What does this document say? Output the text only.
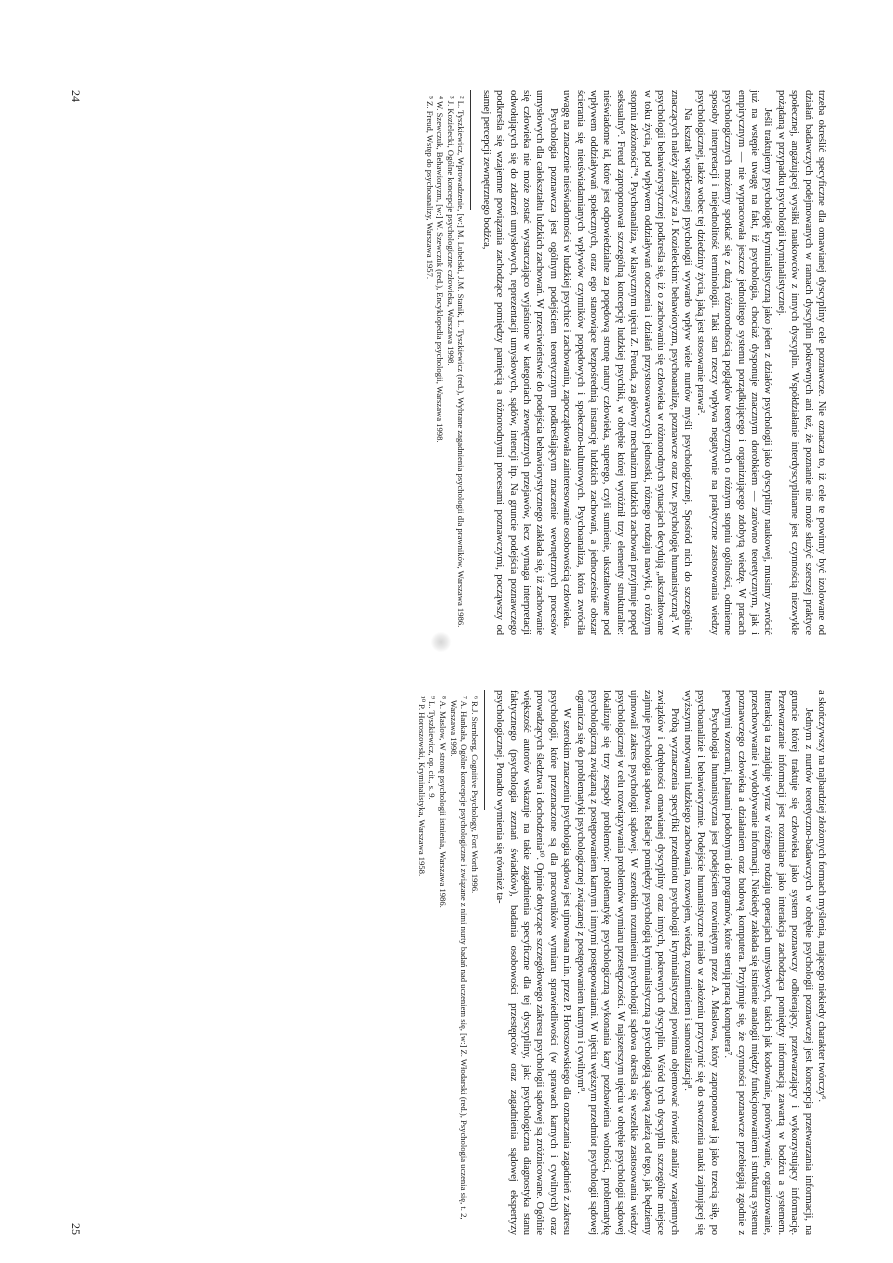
trzeba określić specyficzne dla omawianej dyscypliny cele poznawcze. Nie oznacza to, iż cele te powinny być izolowane od działań badawczych podejmowanych w ramach dyscyplin pokrewnych ani też, że poznanie nie może służyć szerszej praktyce społecznej, angażującej wysiłki naukowców z innych dyscyplin. Współdziałanie interdyscyplinarne jest czynnością niezwykle pożądaną w przypadku psychologii kryminalistycznej.

Jeśli traktujemy psychologię kryminalistyczną jako jeden z działów psychologii jako dyscypliny naukowej, musimy zwrócić już na wstępie uwagę na fakt, iż psychologia, chociaż dysponuje znacznym dorobkiem — zarówno teoretycznym, jak i empirycznym — nie wypracowała jeszcze jednolitego systemu porządkującego i organizującego zdobytą wiedzę. W pracach psychologicznych możemy spotkać się z dużą różnorodnością poglądów teoretycznych o różnym stopniu ogólności, odmienne sposoby interpretacji i niejednolitość terminologii. Taki stan rzeczy wpływa negatywnie na praktyczne zastosowania wiedzy psychologicznej, także wobec tej dziedziny życia, jaką jest stosowanie prawa².

Na kształt współczesnej psychologii wywarło wpływ wiele nurtów myśli psychologicznej. Spośród nich do szczególnie znaczących należy zaliczyć za J. Kozieleckim: behawioryzm, psychoanalizę, poznawcze oraz tzw. psychologię humanistyczną³. W psychologii behawiorystycznej podkreśla się, iż o zachowaniu się człowieka w różnorodnych sytuacjach decydują „ukształtowane w toku życia, pod wpływem oddziaływań otoczenia i działań przystosowawczych jednostki, różnego rodzaju nawyki, o różnym stopniu złożoności”⁴. Psychoanaliza, w klasycznym ujęciu Z. Freuda, za główny mechanizm ludzkich zachowań przyjmuje popęd seksualny⁵. Freud zaproponował szczególną koncepcję ludzkiej psychiki, w obrębie której wyróżnił trzy elementy strukturalne: nieświadome id, które jest odpowiedzialne za popędową stronę natury człowieka, superego, czyli sumienie, ukształtowane pod wpływem oddziaływań społecznych, oraz ego stanowiące bezpośrednią instancję ludzkich zachowań, a jednocześnie obszar ścierania się nieuświadamianych wpływów czynników popędowych i społeczno-kulturowych. Psychoanaliza, która zwróciła uwagę na znaczenie nieświadomości w ludzkiej psychice i zachowaniu, zapoczątkowała zainteresowanie osobowością człowieka.

Psychologia poznawcza jest ogólnym podejściem teoretycznym podkreślającym znaczenie wewnętrznych procesów umysłowych dla całokształtu ludzkich zachowań. W przeciwieństwie do podejścia behawiorystycznego zakłada się, iż zachowanie się człowieka nie może zostać wystarczająco wyjaśnione w kategoriach zewnętrznych przejawów, lecz wymaga interpretacji odwołujących się do zdarzeń umysłowych, reprezentacji umysłowych, sądów, intencji itp. Na gruncie podejścia poznawczego podkreśla się wzajemne powiązania zachodzące pomiędzy pamięcią a różnorodnymi procesami poznawczymi, począwszy od samej percepcji zewnętrznego bodźca,

² L. Tyszkiewicz, Wprowadzenie, [w:] M. Lubelski, J.M. Stanik, L. Tyszkiewicz (red.), Wybrane zagadnienia psychologii dla prawników, Warszawa 1986.
³ J. Kozielecki, Ogólne koncepcje psychologiczne człowieka, Warszawa 1998.
⁴ W. Szewczuk, Behawioryzm, [w:] W. Szewczuk (red.), Encyklopedia psychologii, Warszawa 1998.
⁵ Z. Freud, Wstęp do psychoanalizy, Warszawa 1957.
24

a skończywszy na najbardziej złożonych formach myślenia, mającego niekiedy charakter twórczy⁶.

Jednym z nurtów teoretyczno-badawczych w obrębie psychologii poznawczej jest koncepcja przetwarzania informacji, na gruncie której traktuje się człowieka jako system poznawczy odbierający, przetwarzający i wykorzystujący informację. Przetwarzanie informacji jest rozumiane jako interakcja zachodząca pomiędzy informacją zawartą w bodźcu a systemem. Interakcja ta znajduje wyraz w różnego rodzaju operacjach umysłowych, takich jak kodowanie, porównywanie, organizowanie, przechowywanie i wydobywanie informacji. Niekiedy zakłada się istnienie analogii między funkcjonowaniem i strukturą systemu poznawczego człowieka a działaniem oraz budową komputera. Przyjmuje się, że czynności poznawcze przebiegają zgodnie z pewnymi wzorcami, planami podobnymi do programów, które sterują pracą komputera⁷.

Psychologia humanistyczna jest podejściem rozwiniętym przez A. Maslowa, który zaproponował ją jako trzecią siłę, po psychoanalizie i behawioryzmie. Podejście humanistyczne miało w założeniu przyczynić się do stworzenia nauki zajmującej się wyższymi motywami ludzkiego zachowania, rozwojem, wiedzą, rozumieniem i samorealizacją⁸.

Próbą wyznaczenia specyfiki przedmiotu psychologii kryminalistycznej powinna objemować również analizy wzajemnych związków i odrębności omawianej dyscypliny oraz innych, pokrewnych dyscyplin. Wśród tych dyscyplin szczególne miejsce zajmuje psychologia sądowa. Relacje pomiędzy psychologią kryminalistyczną a psychologią sądową zależą od tego, jak będziemy ujmowali zakres psychologii sądowej. W szerokim rozumieniu psychologii sądowa określa się wszelkie zastosowania wiedzy psychologicznej w celu rozwiązywania problemów wymiaru przestępczości. W najszerszym ujęciu w obrębie psychologii sądowej lokalizuje się trzy zespoły problemów: problematykę psychologiczną wykonania kary pozbawienia wolności, problematykę psychologiczną związaną z postępowaniem karnym i innymi postępowaniami. W ujęciu węższym przedmiot psychologii sądowej ogranicza się do problematyki psychologicznej związanej z postępowaniem karnym i cywilnym⁹.

W szerokim znaczeniu psychologia sądowa jest ujmowana m.in. przez P. Horoszowskiego dla oznaczania zagadnień z zakresu psychologii, które przeznaczone są dla pracowników wymiaru sprawiedliwości (w sprawach karnych i cywilnych) oraz prowadzących śledztwa i dochodzenia¹⁰. Opinie dotyczące szczegółowego zakresu psychologii sądowej są zróżnicowane. Ogólnie większość autorów wskazuje na takie zagadnienia specyficzne dla tej dyscypliny, jak: psychologiczna diagnostyka stanu faktycznego (psychologia zeznań świadków), badania osobowości przestępców oraz zagadnienia sądowej ekspertyzy psychologicznej. Ponadto wymienia się również ta-

⁶ R.J. Sternberg, Cognitive Psychology, Fort Worth 1996.
⁷ A. Hankała, Ogólne koncepcje psychologiczne i związane z nimi nurty badań nad uczeniem się, [w:] Z. Włodarski (red.), Psychologia uczenia się, t. 2, Warszawa 1998.
⁸ A. Maslow, W stronę psychologii istnienia, Warszawa 1986.
⁹ L. Tyszkiewicz, op. cit., s. 9.
¹⁰ P. Horoszowski, Kryminalistyka, Warszawa 1958.
25
